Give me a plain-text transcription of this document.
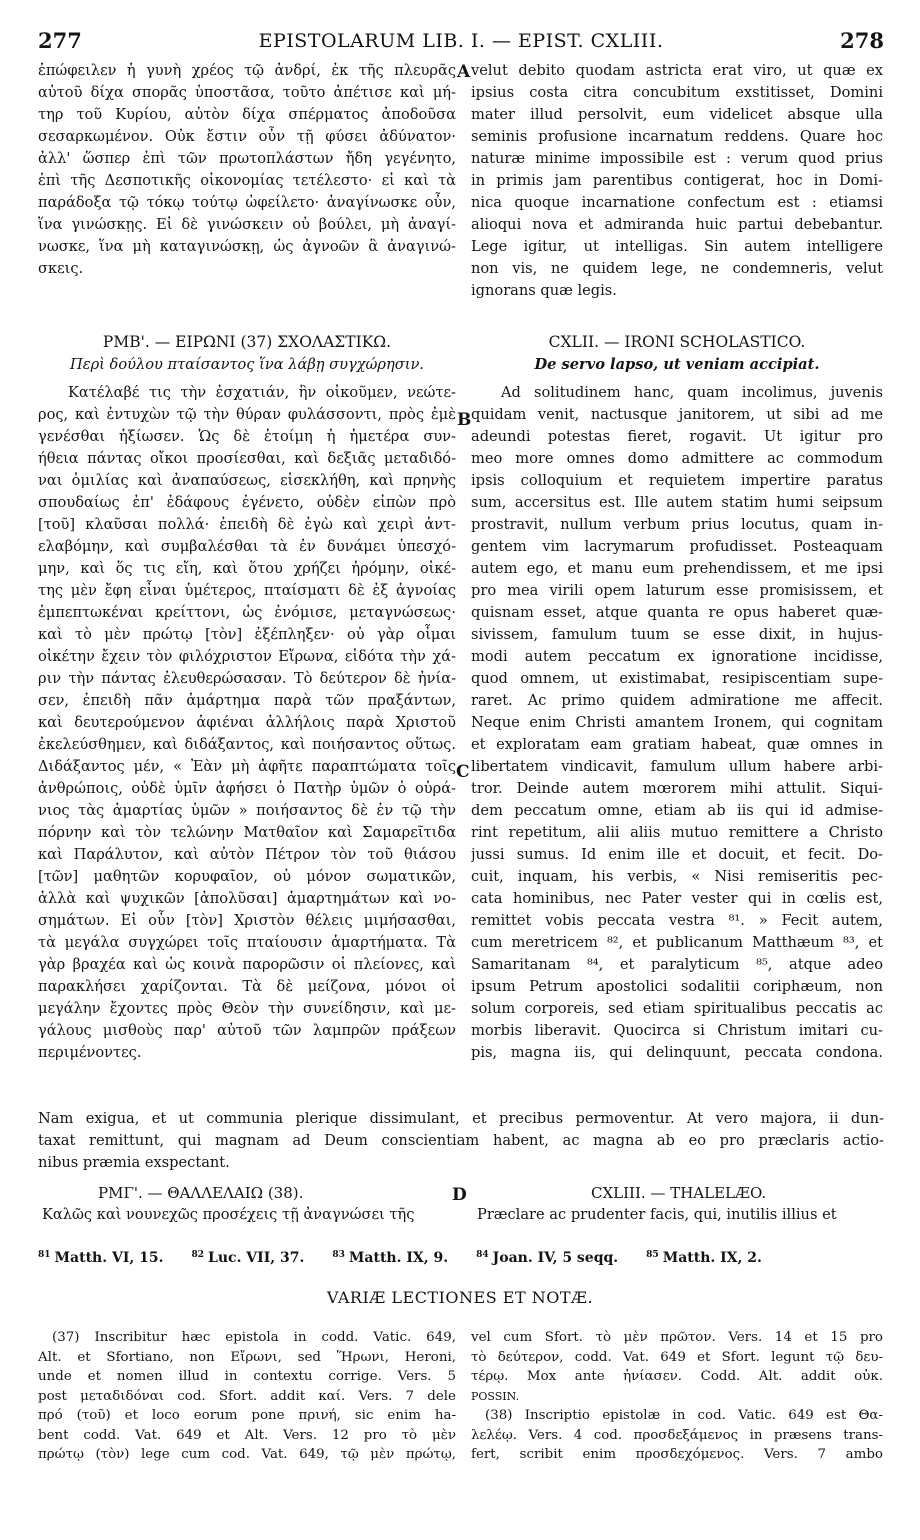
277	EPISTOLARUM LIB. I. — EPIST. CXLIII.	278
ἐπώφειλεν ἡ γυνὴ χρέος τῷ ἀνδρί, ἐκ τῆς πλευρᾶς
αὐτοῦ δίχα σπορᾶς ὑποστᾶσα, τοῦτο ἀπέτισε καὶ μή-
τηρ τοῦ Κυρίου, αὐτὸν δίχα σπέρματος ἀποδοῦσα
σεσαρκωμένον. Οὐκ ἔστιν οὖν τῇ φύσει ἀδύνατον·
ἀλλ' ὥσπερ ἐπὶ τῶν πρωτοπλάστων ἤδη γεγένητο,
ἐπὶ τῆς Δεσποτικῆς οἰκονομίας τετέλεστο· εἰ καὶ τὰ
παράδοξα τῷ τόκῳ τούτῳ ὠφείλετο· ἀναγίνωσκε οὖν,
ἵνα γινώσκῃς. Εἰ δὲ γινώσκειν οὐ βούλει, μὴ ἀναγί-
νωσκε, ἵνα μὴ καταγινώσκῃ, ὡς ἀγνοῶν ἃ ἀναγινώ-
σκεις.
ΡΜΒ'. — ΕΙΡΩΝΙ (37) ΣΧΟΛΑΣΤΙΚΩ.
Περὶ δούλου πταίσαντος ἵνα λάβῃ συγχώρησιν.
Κατέλαβέ τις τὴν ἐσχατιάν, ἣν οἰκοῦμεν, νεώτε-
ρος, καὶ ἐντυχὼν τῷ τὴν θύραν φυλάσσοντι, πρὸς ἐμὲ
γενέσθαι ἠξίωσεν. Ὡς δὲ ἑτοίμη ἡ ἡμετέρα συν-
ήθεια πάντας οἴκοι προσίεσθαι, καὶ δεξιᾶς μεταδιδό-
ναι ὁμιλίας καὶ ἀναπαύσεως, εἰσεκλήθη, καὶ πρηνὴς
σπουδαίως ἐπ' ἐδάφους ἐγένετο, οὐδὲν εἰπὼν πρὸ
[τοῦ] κλαῦσαι πολλά· ἐπειδὴ δὲ ἐγὼ καὶ χειρὶ ἀντ-
ελαβόμην, καὶ συμβαλέσθαι τὰ ἐν δυνάμει ὑπεσχό-
μην, καὶ ὅς τις εἴη, καὶ ὅτου χρήζει ἠρόμην, οἰκέ-
της μὲν ἔφη εἶναι ὑμέτερος, πταίσματι δὲ ἐξ ἀγνοίας
ἐμπεπτωκέναι κρείττονι, ὡς ἐνόμισε, μεταγνώσεως·
καὶ τὸ μὲν πρώτῳ [τὸν] ἐξέπληξεν· οὐ γὰρ οἶμαι
οἰκέτην ἔχειν τὸν φιλόχριστον Εἴρωνα, εἰδότα τὴν χά-
ριν τὴν πάντας ἐλευθερώσασαν. Τὸ δεύτερον δὲ ἠνία-
σεν, ἐπειδὴ πᾶν ἁμάρτημα παρὰ τῶν πραξάντων,
καὶ δευτερούμενον ἀφιέναι ἀλλήλοις παρὰ Χριστοῦ
ἐκελεύσθημεν, καὶ διδάξαντος, καὶ ποιήσαντος οὕτως.
Διδάξαντος μέν, « Ἐὰν μὴ ἀφῆτε παραπτώματα τοῖς
ἀνθρώποις, οὐδὲ ὑμῖν ἀφήσει ὁ Πατὴρ ὑμῶν ὁ οὐρά-
νιος τὰς ἁμαρτίας ὑμῶν » ποιήσαντος δὲ ἐν τῷ τὴν
πόρνην καὶ τὸν τελώνην Ματθαῖον καὶ Σαμαρεῖτιδα
καὶ Παράλυτον, καὶ αὐτὸν Πέτρον τὸν τοῦ θιάσου
[τῶν] μαθητῶν κορυφαῖον, οὐ μόνον σωματικῶν,
ἀλλὰ καὶ ψυχικῶν [ἀπολῦσαι] ἁμαρτημάτων καὶ νο-
σημάτων. Εἰ οὖν [τὸν] Χριστὸν θέλεις μιμήσασθαι,
τὰ μεγάλα συγχώρει τοῖς πταίουσιν ἁμαρτήματα. Τὰ
γὰρ βραχέα καὶ ὡς κοινὰ παρορῶσιν οἱ πλείονες, καὶ
παρακλήσει χαρίζονται. Τὰ δὲ μείζονα, μόνοι οἱ
μεγάλην ἔχοντες πρὸς Θεὸν τὴν συνείδησιν, καὶ με-
γάλους μισθοὺς παρ' αὐτοῦ τῶν λαμπρῶν πράξεων
περιμένοντες.
velut debito quodam astricta erat viro, ut quæ ex
ipsius costa citra concubitum exstitisset, Domini
mater illud persolvit, eum videlicet absque ulla
seminis profusione incarnatum reddens. Quare hoc
naturæ minime impossibile est : verum quod prius
in primis jam parentibus contigerat, hoc in Domi-
nica quoque incarnatione confectum est : etiamsi
alioqui nova et admiranda huic partui debebantur.
Lege igitur, ut intelligas. Sin autem intelligere
non vis, ne quidem lege, ne condemneris, velut
ignorans quæ legis.
CXLII. — IRONI SCHOLASTICO.
De servo lapso, ut veniam accipiat.
Ad solitudinem hanc, quam incolimus, juvenis
quidam venit, nactusque janitorem, ut sibi ad me
adeundi potestas fieret, rogavit. Ut igitur pro
meo more omnes domo admittere ac commodum
ipsis colloquium et requietem impertire paratus
sum, accersitus est. Ille autem statim humi seipsum
prostravit, nullum verbum prius locutus, quam in-
gentem vim lacrymarum profudisset. Posteaquam
autem ego, et manu eum prehendissem, et me ipsi
pro mea virili opem laturum esse promisissem, et
quisnam esset, atque quanta re opus haberet quæ-
sivissem, famulum tuum se esse dixit, in hujus-
modi autem peccatum ex ignoratione incidisse,
quod omnem, ut existimabat, resipiscentiam supe-
raret. Ac primo quidem admiratione me affecit.
Neque enim Christi amantem Ironem, qui cognitam
et exploratam eam gratiam habeat, quæ omnes in
libertatem vindicavit, famulum ullum habere arbi-
tror. Deinde autem mœrorem mihi attulit. Siqui-
dem peccatum omne, etiam ab iis qui id admise-
rint repetitum, alii aliis mutuo remittere a Christo
jussi sumus. Id enim ille et docuit, et fecit. Do-
cuit, inquam, his verbis, « Nisi remiseritis pec-
cata hominibus, nec Pater vester qui in cœlis est,
remittet vobis peccata vestra ⁸¹. » Fecit autem,
cum meretricem ⁸², et publicanum Matthæum ⁸³, et
Samaritanam ⁸⁴, et paralyticum ⁸⁵, atque adeo
ipsum Petrum apostolici sodalitii coriphæum, non
solum corporeis, sed etiam spiritualibus peccatis ac
morbis liberavit. Quocirca si Christum imitari cu-
pis, magna iis, qui delinquunt, peccata condona.
A
B
C
D
Nam exigua, et ut communia plerique dissimulant, et precibus permoventur. At vero majora, ii dun-
taxat remittunt, qui magnam ad Deum conscientiam habent, ac magna ab eo pro præclaris actio-
nibus præmia exspectant.
ΡΜΓ'. — ΘΑΛΛΕΛΑΙΩ (38).
Καλῶς καὶ νουνεχῶς προσέχεις τῇ ἀναγνώσει τῆς
CXLIII. — THALELÆO.
Præclare ac prudenter facis, qui, inutilis illius et
$^{81}$ Matth. VI, 15.	$^{82}$ Luc. VII, 37.	$^{83}$ Matth. IX, 9.	$^{84}$ Joan. IV, 5 seqq.	$^{85}$ Matth. IX, 2.
VARIÆ LECTIONES ET NOTÆ.
(37) Inscribitur hæc epistola in codd. Vatic. 649,
Alt. et Sfortiano, non Εἴρωνι, sed Ἥρωνι, Heroni,
unde et nomen illud in contextu corrige. Vers. 5
post μεταδιδόναι cod. Sfort. addit καί. Vers. 7 dele
πρό (τοῦ) et loco eorum pone πρινή, sic enim ha-
bent codd. Vat. 649 et Alt. Vers. 12 pro τὸ μὲν
πρώτῳ (τὸν) lege cum cod. Vat. 649, τῷ μὲν πρώτῳ,
vel cum Sfort. τὸ μὲν πρῶτον. Vers. 14 et 15 pro
τὸ δεύτερον, codd. Vat. 649 et Sfort. legunt τῷ δευ-
τέρῳ. Mox ante ἠνίασεν. Codd. Alt. addit οὐκ.
POSSIN.
(38) Inscriptio epistolæ in cod. Vatic. 649 est Θα-
λελέῳ. Vers. 4 cod. προσδεξάμενος in præsens trans-
fert, scribit enim προσδεχόμενος. Vers. 7 ambo
